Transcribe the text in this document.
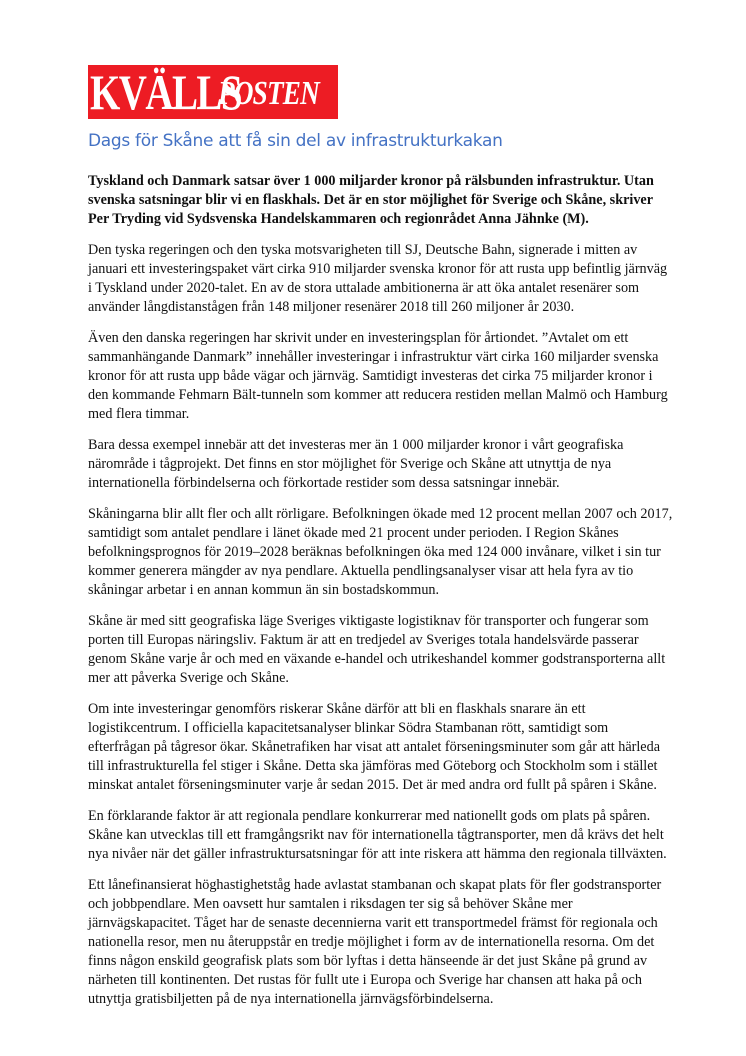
KVÄLLS
POSTEN
Dags för Skåne att få sin del av infrastrukturkakan

Tyskland och Danmark satsar över 1 000 miljarder kronor på rälsbunden infrastruktur. Utan
svenska satsningar blir vi en flaskhals. Det är en stor möjlighet för Sverige och Skåne, skriver
Per Tryding vid Sydsvenska Handelskammaren och regionrådet Anna Jähnke (M).

Den tyska regeringen och den tyska motsvarigheten till SJ, Deutsche Bahn, signerade i mitten av
januari ett investeringspaket värt cirka 910 miljarder svenska kronor för att rusta upp befintlig järnväg
i Tyskland under 2020-talet. En av de stora uttalade ambitionerna är att öka antalet resenärer som
använder långdistanstågen från 148 miljoner resenärer 2018 till 260 miljoner år 2030.

Även den danska regeringen har skrivit under en investeringsplan för årtiondet. ”Avtalet om ett
sammanhängande Danmark” innehåller investeringar i infrastruktur värt cirka 160 miljarder svenska
kronor för att rusta upp både vägar och järnväg. Samtidigt investeras det cirka 75 miljarder kronor i
den kommande Fehmarn Bält-tunneln som kommer att reducera restiden mellan Malmö och Hamburg
med flera timmar.

Bara dessa exempel innebär att det investeras mer än 1 000 miljarder kronor i vårt geografiska
närområde i tågprojekt. Det finns en stor möjlighet för Sverige och Skåne att utnyttja de nya
internationella förbindelserna och förkortade restider som dessa satsningar innebär.

Skåningarna blir allt fler och allt rörligare. Befolkningen ökade med 12 procent mellan 2007 och 2017,
samtidigt som antalet pendlare i länet ökade med 21 procent under perioden. I Region Skånes
befolkningsprognos för 2019–2028 beräknas befolkningen öka med 124 000 invånare, vilket i sin tur
kommer generera mängder av nya pendlare. Aktuella pendlingsanalyser visar att hela fyra av tio
skåningar arbetar i en annan kommun än sin bostadskommun.

Skåne är med sitt geografiska läge Sveriges viktigaste logistiknav för transporter och fungerar som
porten till Europas näringsliv. Faktum är att en tredjedel av Sveriges totala handelsvärde passerar
genom Skåne varje år och med en växande e-handel och utrikeshandel kommer godstransporterna allt
mer att påverka Sverige och Skåne.

Om inte investeringar genomförs riskerar Skåne därför att bli en flaskhals snarare än ett
logistikcentrum. I officiella kapacitetsanalyser blinkar Södra Stambanan rött, samtidigt som
efterfrågan på tågresor ökar. Skånetrafiken har visat att antalet förseningsminuter som går att härleda
till infrastrukturella fel stiger i Skåne. Detta ska jämföras med Göteborg och Stockholm som i stället
minskat antalet förseningsminuter varje år sedan 2015. Det är med andra ord fullt på spåren i Skåne.

En förklarande faktor är att regionala pendlare konkurrerar med nationellt gods om plats på spåren.
Skåne kan utvecklas till ett framgångsrikt nav för internationella tågtransporter, men då krävs det helt
nya nivåer när det gäller infrastruktursatsningar för att inte riskera att hämma den regionala tillväxten.

Ett lånefinansierat höghastighetståg hade avlastat stambanan och skapat plats för fler godstransporter
och jobbpendlare. Men oavsett hur samtalen i riksdagen ter sig så behöver Skåne mer
järnvägskapacitet. Tåget har de senaste decennierna varit ett transportmedel främst för regionala och
nationella resor, men nu återuppstår en tredje möjlighet i form av de internationella resorna. Om det
finns någon enskild geografisk plats som bör lyftas i detta hänseende är det just Skåne på grund av
närheten till kontinenten. Det rustas för fullt ute i Europa och Sverige har chansen att haka på och
utnyttja gratisbiljetten på de nya internationella järnvägsförbindelserna.
